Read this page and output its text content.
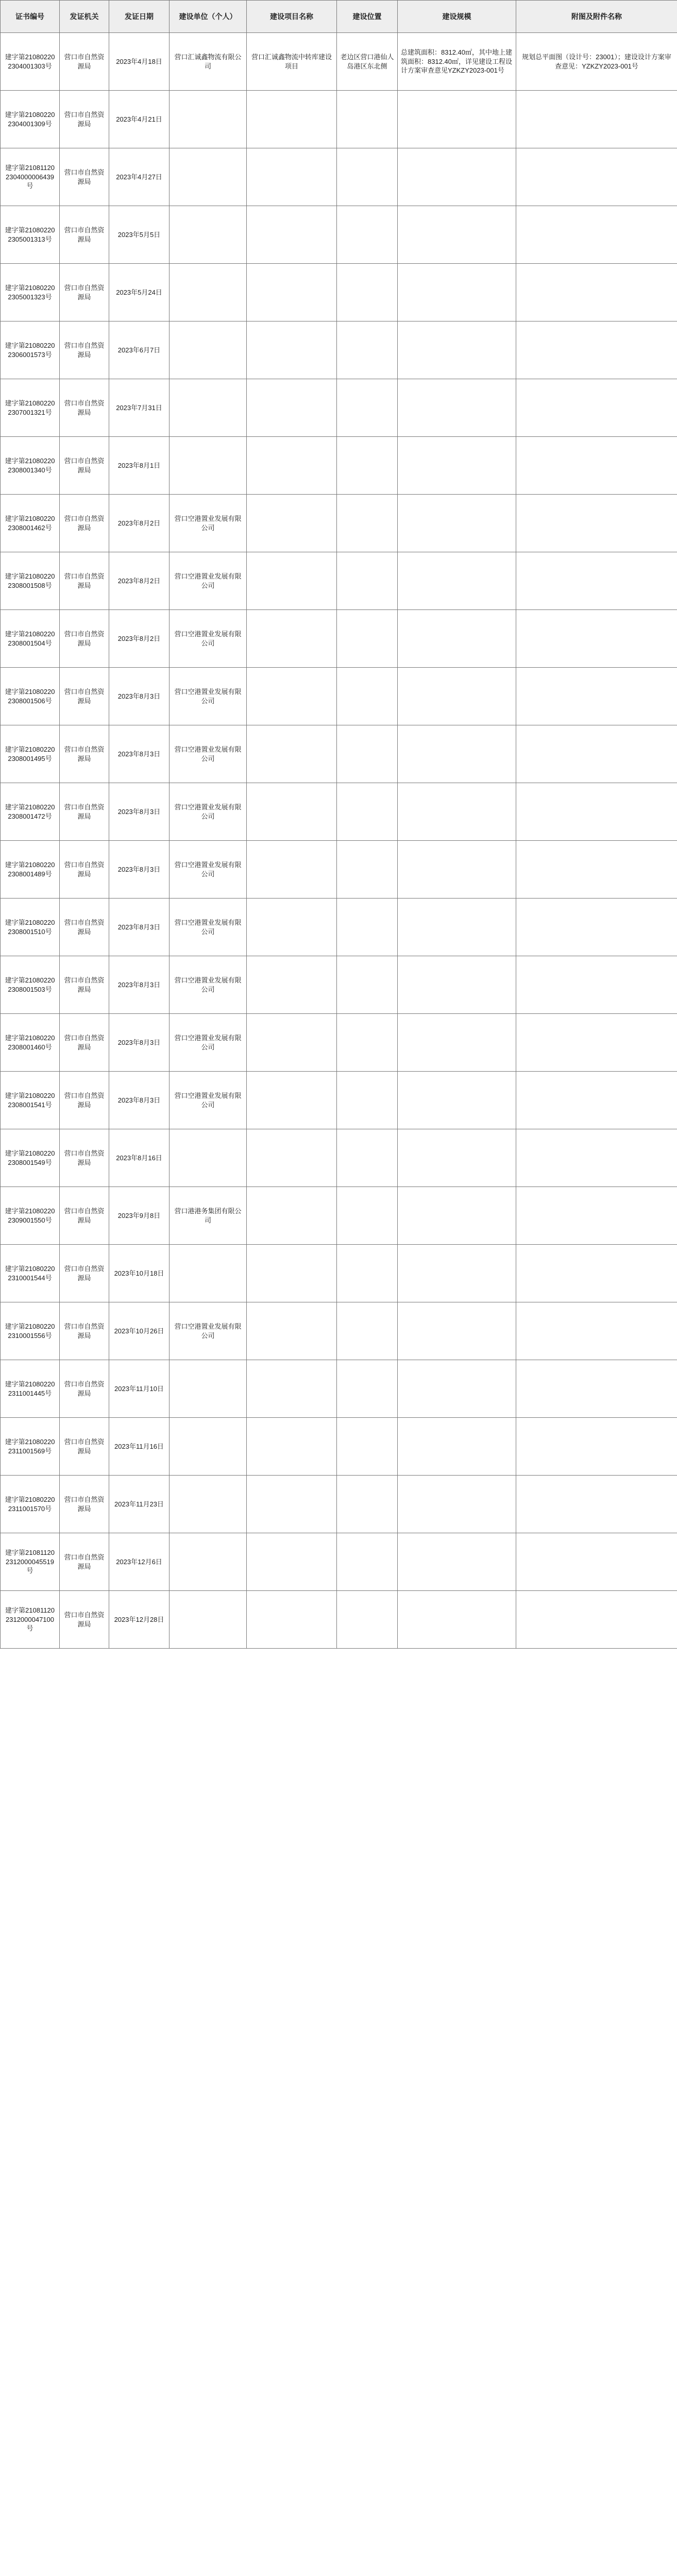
证书编号	发证机关	发证日期	建设单位（个人）	建设项目名称	建设位置	建设规模	附图及附件名称
建字第210802202304001303号	营口市自然资源局	2023年4月18日	营口汇诚鑫物流有限公司	营口汇诚鑫物流中转库建设项目	老边区营口港仙人岛港区东北侧	总建筑面积：8312.40㎡，其中地上建筑面积：8312.40㎡，详见建设工程设计方案审查意见YZKZY2023-001号	规划总平面图（设计号：23001）；建设设计方案审查意见：YZKZY2023-001号
建字第210802202304001309号	营口市自然资源局	2023年4月21日					
建字第210811202304000006439号	营口市自然资源局	2023年4月27日					
建字第210802202305001313号	营口市自然资源局	2023年5月5日					
建字第210802202305001323号	营口市自然资源局	2023年5月24日					
建字第210802202306001573号	营口市自然资源局	2023年6月7日					
建字第210802202307001321号	营口市自然资源局	2023年7月31日					
建字第210802202308001340号	营口市自然资源局	2023年8月1日					
建字第210802202308001462号	营口市自然资源局	2023年8月2日	营口空港置业发展有限公司				
建字第210802202308001508号	营口市自然资源局	2023年8月2日	营口空港置业发展有限公司				
建字第210802202308001504号	营口市自然资源局	2023年8月2日	营口空港置业发展有限公司				
建字第210802202308001506号	营口市自然资源局	2023年8月3日	营口空港置业发展有限公司				
建字第210802202308001495号	营口市自然资源局	2023年8月3日	营口空港置业发展有限公司				
建字第210802202308001472号	营口市自然资源局	2023年8月3日	营口空港置业发展有限公司				
建字第210802202308001489号	营口市自然资源局	2023年8月3日	营口空港置业发展有限公司				
建字第210802202308001510号	营口市自然资源局	2023年8月3日	营口空港置业发展有限公司				
建字第210802202308001503号	营口市自然资源局	2023年8月3日	营口空港置业发展有限公司				
建字第210802202308001460号	营口市自然资源局	2023年8月3日	营口空港置业发展有限公司				
建字第210802202308001541号	营口市自然资源局	2023年8月3日	营口空港置业发展有限公司				
建字第210802202308001549号	营口市自然资源局	2023年8月16日					
建字第210802202309001550号	营口市自然资源局	2023年9月8日	营口港港务集团有限公司				
建字第210802202310001544号	营口市自然资源局	2023年10月18日					
建字第210802202310001556号	营口市自然资源局	2023年10月26日	营口空港置业发展有限公司				
建字第210802202311001445号	营口市自然资源局	2023年11月10日					
建字第210802202311001569号	营口市自然资源局	2023年11月16日					
建字第210802202311001570号	营口市自然资源局	2023年11月23日					
建字第210811202312000045519号	营口市自然资源局	2023年12月6日					
建字第210811202312000047100号	营口市自然资源局	2023年12月28日					
